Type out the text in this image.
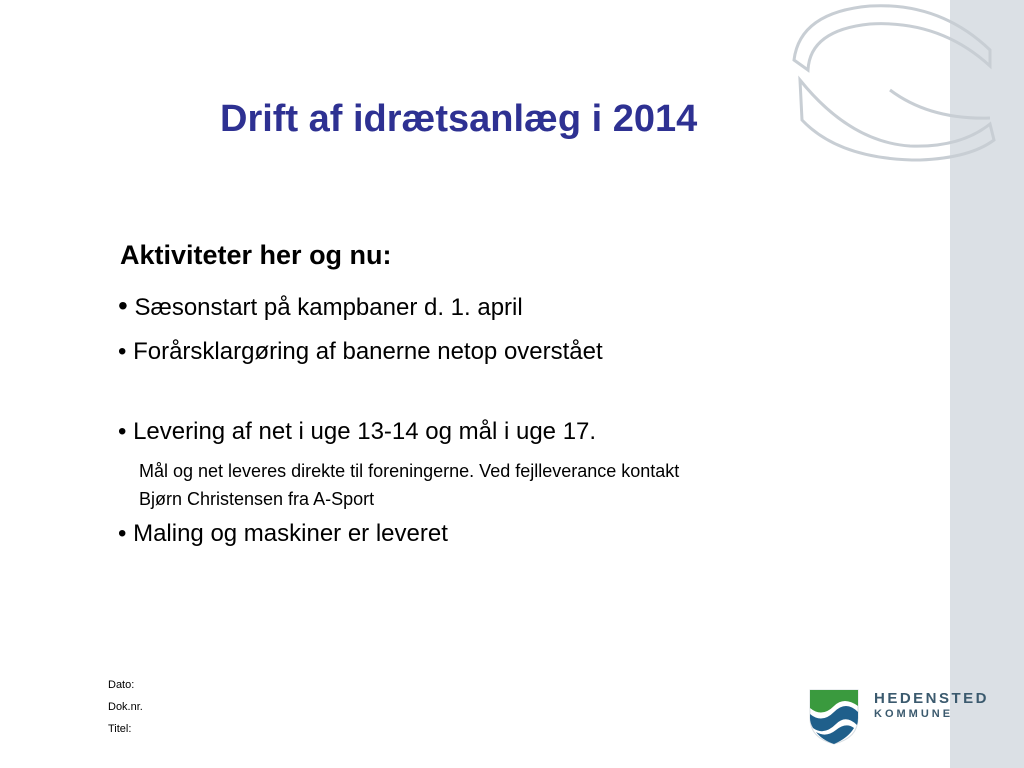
Drift af idrætsanlæg i 2014
Aktiviteter her og nu:
• Sæsonstart på kampbaner d. 1. april
• Forårsklargøring af banerne netop overstået
• Levering af net i uge 13-14 og mål i uge 17.
Mål og net leveres direkte til foreningerne. Ved fejlleverance kontakt
Bjørn Christensen fra A-Sport
• Maling og maskiner er leveret
Dato:
Dok.nr.
Titel:
HEDENSTED
KOMMUNE
